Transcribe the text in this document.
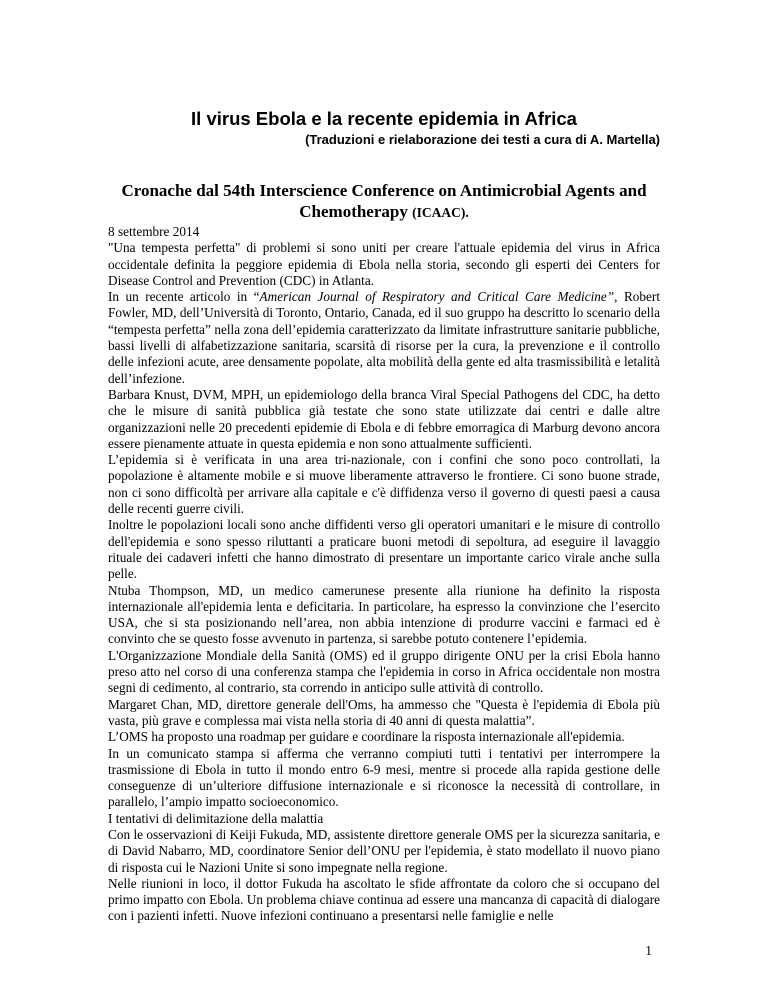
Il virus Ebola e la recente epidemia in Africa
(Traduzioni e rielaborazione dei testi a cura di A. Martella)
Cronache dal 54th Interscience Conference on Antimicrobial Agents and Chemotherapy (ICAAC).

8 settembre 2014

"Una tempesta perfetta" di problemi si sono uniti per creare l'attuale epidemia del virus in Africa occidentale definita la peggiore epidemia di Ebola nella storia, secondo gli esperti dei Centers for Disease Control and Prevention (CDC) in Atlanta.

In un recente articolo in “American Journal of Respiratory and Critical Care Medicine”, Robert Fowler, MD, dell’Università di Toronto, Ontario, Canada, ed il suo gruppo ha descritto lo scenario della “tempesta perfetta” nella zona dell’epidemia caratterizzato da limitate infrastrutture sanitarie pubbliche, bassi livelli di alfabetizzazione sanitaria, scarsità di risorse per la cura, la prevenzione e il controllo delle infezioni acute, aree densamente popolate, alta mobilità della gente ed alta trasmissibilità e letalità dell’infezione.

Barbara Knust, DVM, MPH, un epidemiologo della branca Viral Special Pathogens del CDC, ha detto che le misure di sanità pubblica già testate che sono state utilizzate dai centri e dalle altre organizzazioni nelle 20 precedenti epidemie di Ebola e di febbre emorragica di Marburg devono ancora essere pienamente attuate in questa epidemia e non sono attualmente sufficienti.

L’epidemia si è verificata in una area tri-nazionale, con i confini che sono poco controllati, la popolazione è altamente mobile e si muove liberamente attraverso le frontiere. Ci sono buone strade, non ci sono difficoltà per arrivare alla capitale e c'è diffidenza verso il governo di questi paesi a causa delle recenti guerre civili.

Inoltre le popolazioni locali sono anche diffidenti verso gli operatori umanitari e le misure di controllo dell'epidemia e sono spesso riluttanti a praticare buoni metodi di sepoltura, ad eseguire il lavaggio rituale dei cadaveri infetti che hanno dimostrato di presentare un importante carico virale anche sulla pelle.

Ntuba Thompson, MD, un medico camerunese presente alla riunione ha definito la risposta internazionale all'epidemia lenta e deficitaria. In particolare, ha espresso la convinzione che l’esercito USA, che si sta posizionando nell’area, non abbia intenzione di produrre vaccini e farmaci ed è convinto che se questo fosse avvenuto in partenza, si sarebbe potuto contenere l’epidemia.

L'Organizzazione Mondiale della Sanità (OMS) ed il gruppo dirigente ONU per la crisi Ebola hanno preso atto nel corso di una conferenza stampa che l'epidemia in corso in Africa occidentale non mostra segni di cedimento, al contrario, sta correndo in anticipo sulle attività di controllo.

Margaret Chan, MD, direttore generale dell'Oms, ha ammesso che "Questa è l'epidemia di Ebola più vasta, più grave e complessa mai vista nella storia di 40 anni di questa malattia”.

L’OMS ha proposto una roadmap per guidare e coordinare la risposta internazionale all'epidemia.

In un comunicato stampa si afferma che verranno compiuti tutti i tentativi per interrompere la trasmissione di Ebola in tutto il mondo entro 6-9 mesi, mentre si procede alla rapida gestione delle conseguenze di un’ulteriore diffusione internazionale e si riconosce la necessità di controllare, in parallelo, l’ampio impatto socioeconomico.

I tentativi di delimitazione della malattia

Con le osservazioni di Keiji Fukuda, MD, assistente direttore generale OMS per la sicurezza sanitaria, e di David Nabarro, MD, coordinatore Senior dell’ONU per l'epidemia, è stato modellato il nuovo piano di risposta cui le Nazioni Unite si sono impegnate nella regione.

Nelle riunioni in loco, il dottor Fukuda ha ascoltato le sfide affrontate da coloro che si occupano del primo impatto con Ebola. Un problema chiave continua ad essere una mancanza di capacità di dialogare con i pazienti infetti. Nuove infezioni continuano a presentarsi nelle famiglie e nelle

1
